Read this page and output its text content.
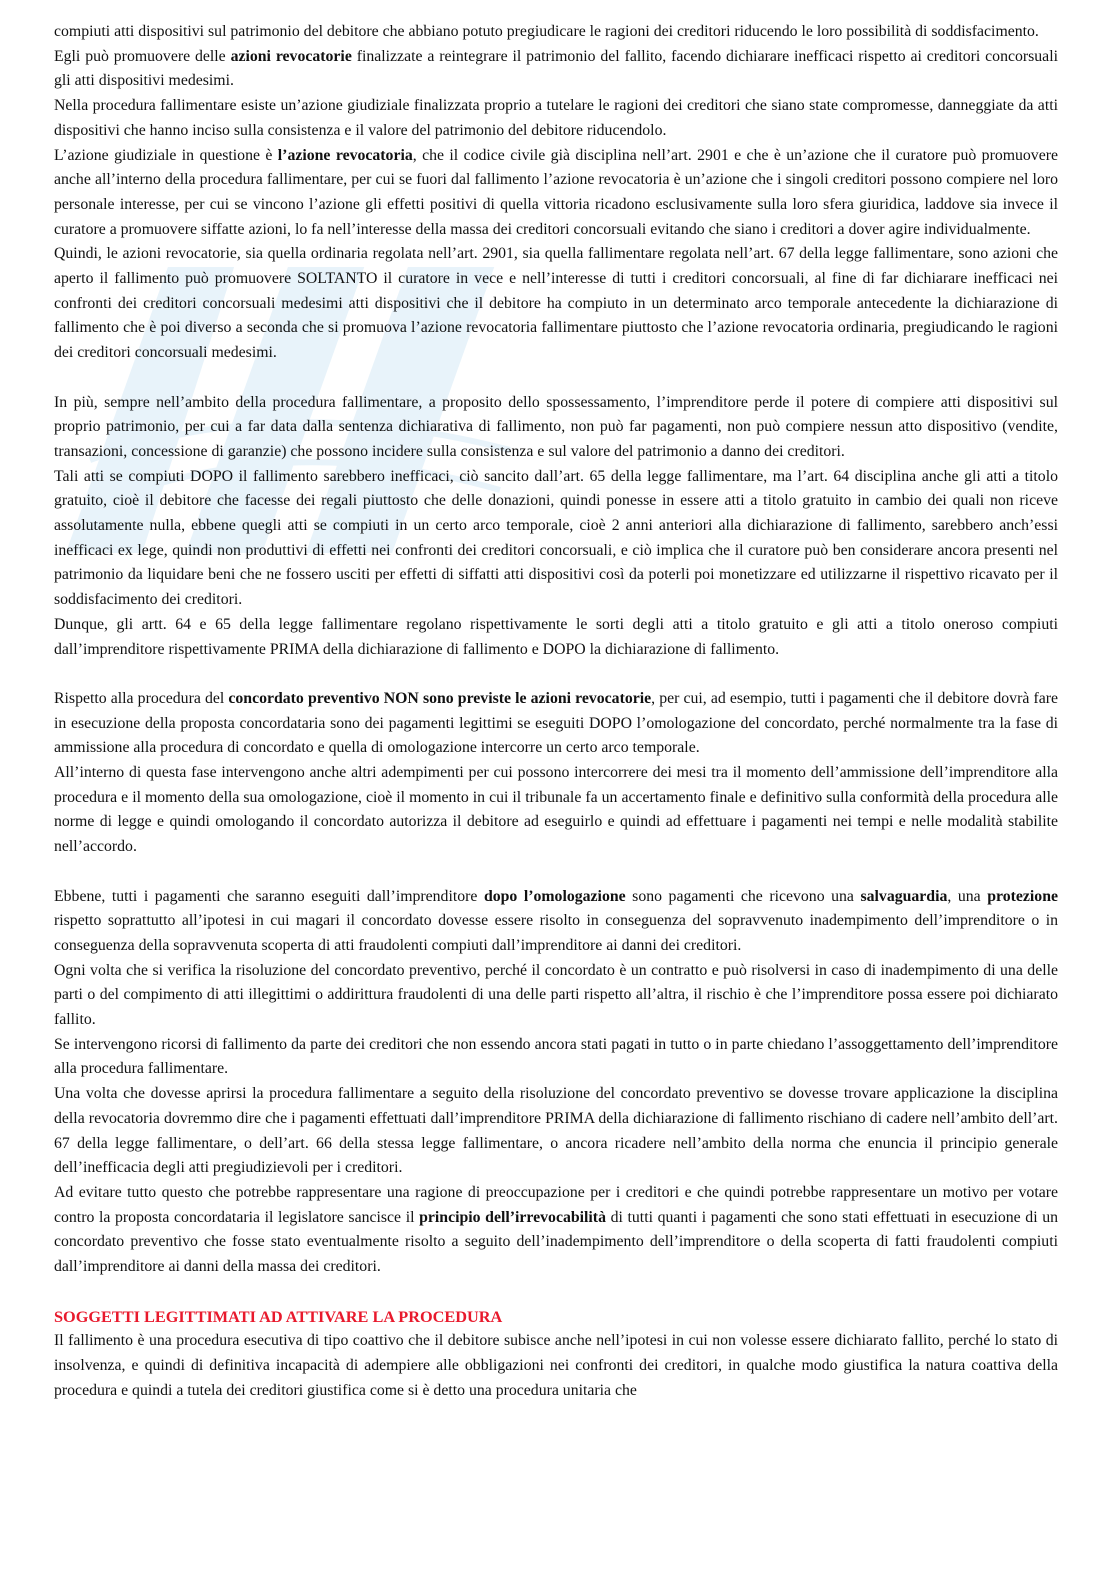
compiuti atti dispositivi sul patrimonio del debitore che abbiano potuto pregiudicare le ragioni dei creditori riducendo le loro possibilità di soddisfacimento.

Egli può promuovere delle azioni revocatorie finalizzate a reintegrare il patrimonio del fallito, facendo dichiarare inefficaci rispetto ai creditori concorsuali gli atti dispositivi medesimi.

Nella procedura fallimentare esiste un’azione giudiziale finalizzata proprio a tutelare le ragioni dei creditori che siano state compromesse, danneggiate da atti dispositivi che hanno inciso sulla consistenza e il valore del patrimonio del debitore riducendolo.

L’azione giudiziale in questione è l’azione revocatoria, che il codice civile già disciplina nell’art. 2901 e che è un’azione che il curatore può promuovere anche all’interno della procedura fallimentare, per cui se fuori dal fallimento l’azione revocatoria è un’azione che i singoli creditori possono compiere nel loro personale interesse, per cui se vincono l’azione gli effetti positivi di quella vittoria ricadono esclusivamente sulla loro sfera giuridica, laddove sia invece il curatore a promuovere siffatte azioni, lo fa nell’interesse della massa dei creditori concorsuali evitando che siano i creditori a dover agire individualmente.

Quindi, le azioni revocatorie, sia quella ordinaria regolata nell’art. 2901, sia quella fallimentare regolata nell’art. 67 della legge fallimentare, sono azioni che aperto il fallimento può promuovere SOLTANTO il curatore in vece e nell’interesse di tutti i creditori concorsuali, al fine di far dichiarare inefficaci nei confronti dei creditori concorsuali medesimi atti dispositivi che il debitore ha compiuto in un determinato arco temporale antecedente la dichiarazione di fallimento che è poi diverso a seconda che si promuova l’azione revocatoria fallimentare piuttosto che l’azione revocatoria ordinaria, pregiudicando le ragioni dei creditori concorsuali medesimi.

In più, sempre nell’ambito della procedura fallimentare, a proposito dello spossessamento, l’imprenditore perde il potere di compiere atti dispositivi sul proprio patrimonio, per cui a far data dalla sentenza dichiarativa di fallimento, non può far pagamenti, non può compiere nessun atto dispositivo (vendite, transazioni, concessione di garanzie) che possono incidere sulla consistenza e sul valore del patrimonio a danno dei creditori.

Tali atti se compiuti DOPO il fallimento sarebbero inefficaci, ciò sancito dall’art. 65 della legge fallimentare, ma l’art. 64 disciplina anche gli atti a titolo gratuito, cioè il debitore che facesse dei regali piuttosto che delle donazioni, quindi ponesse in essere atti a titolo gratuito in cambio dei quali non riceve assolutamente nulla, ebbene quegli atti se compiuti in un certo arco temporale, cioè 2 anni anteriori alla dichiarazione di fallimento, sarebbero anch’essi inefficaci ex lege, quindi non produttivi di effetti nei confronti dei creditori concorsuali, e ciò implica che il curatore può ben considerare ancora presenti nel patrimonio da liquidare beni che ne fossero usciti per effetti di siffatti atti dispositivi così da poterli poi monetizzare ed utilizzarne il rispettivo ricavato per il soddisfacimento dei creditori.

Dunque, gli artt. 64 e 65 della legge fallimentare regolano rispettivamente le sorti degli atti a titolo gratuito e gli atti a titolo oneroso compiuti dall’imprenditore rispettivamente PRIMA della dichiarazione di fallimento e DOPO la dichiarazione di fallimento.

Rispetto alla procedura del concordato preventivo NON sono previste le azioni revocatorie, per cui, ad esempio, tutti i pagamenti che il debitore dovrà fare in esecuzione della proposta concordataria sono dei pagamenti legittimi se eseguiti DOPO l’omologazione del concordato, perché normalmente tra la fase di ammissione alla procedura di concordato e quella di omologazione intercorre un certo arco temporale.

All’interno di questa fase intervengono anche altri adempimenti per cui possono intercorrere dei mesi tra il momento dell’ammissione dell’imprenditore alla procedura e il momento della sua omologazione, cioè il momento in cui il tribunale fa un accertamento finale e definitivo sulla conformità della procedura alle norme di legge e quindi omologando il concordato autorizza il debitore ad eseguirlo e quindi ad effettuare i pagamenti nei tempi e nelle modalità stabilite nell’accordo.

Ebbene, tutti i pagamenti che saranno eseguiti dall’imprenditore dopo l’omologazione sono pagamenti che ricevono una salvaguardia, una protezione rispetto soprattutto all’ipotesi in cui magari il concordato dovesse essere risolto in conseguenza del sopravvenuto inadempimento dell’imprenditore o in conseguenza della sopravvenuta scoperta di atti fraudolenti compiuti dall’imprenditore ai danni dei creditori.

Ogni volta che si verifica la risoluzione del concordato preventivo, perché il concordato è un contratto e può risolversi in caso di inadempimento di una delle parti o del compimento di atti illegittimi o addirittura fraudolenti di una delle parti rispetto all’altra, il rischio è che l’imprenditore possa essere poi dichiarato fallito.

Se intervengono ricorsi di fallimento da parte dei creditori che non essendo ancora stati pagati in tutto o in parte chiedano l’assoggettamento dell’imprenditore alla procedura fallimentare.

Una volta che dovesse aprirsi la procedura fallimentare a seguito della risoluzione del concordato preventivo se dovesse trovare applicazione la disciplina della revocatoria dovremmo dire che i pagamenti effettuati dall’imprenditore PRIMA della dichiarazione di fallimento rischiano di cadere nell’ambito dell’art. 67 della legge fallimentare, o dell’art. 66 della stessa legge fallimentare, o ancora ricadere nell’ambito della norma che enuncia il principio generale dell’inefficacia degli atti pregiudizievoli per i creditori.

Ad evitare tutto questo che potrebbe rappresentare una ragione di preoccupazione per i creditori e che quindi potrebbe rappresentare un motivo per votare contro la proposta concordataria il legislatore sancisce il principio dell’irrevocabilità di tutti quanti i pagamenti che sono stati effettuati in esecuzione di un concordato preventivo che fosse stato eventualmente risolto a seguito dell’inadempimento dell’imprenditore o della scoperta di fatti fraudolenti compiuti dall’imprenditore ai danni della massa dei creditori.

SOGGETTI LEGITTIMATI AD ATTIVARE LA PROCEDURA

Il fallimento è una procedura esecutiva di tipo coattivo che il debitore subisce anche nell’ipotesi in cui non volesse essere dichiarato fallito, perché lo stato di insolvenza, e quindi di definitiva incapacità di adempiere alle obbligazioni nei confronti dei creditori, in qualche modo giustifica la natura coattiva della procedura e quindi a tutela dei creditori giustifica come si è detto una procedura unitaria che
